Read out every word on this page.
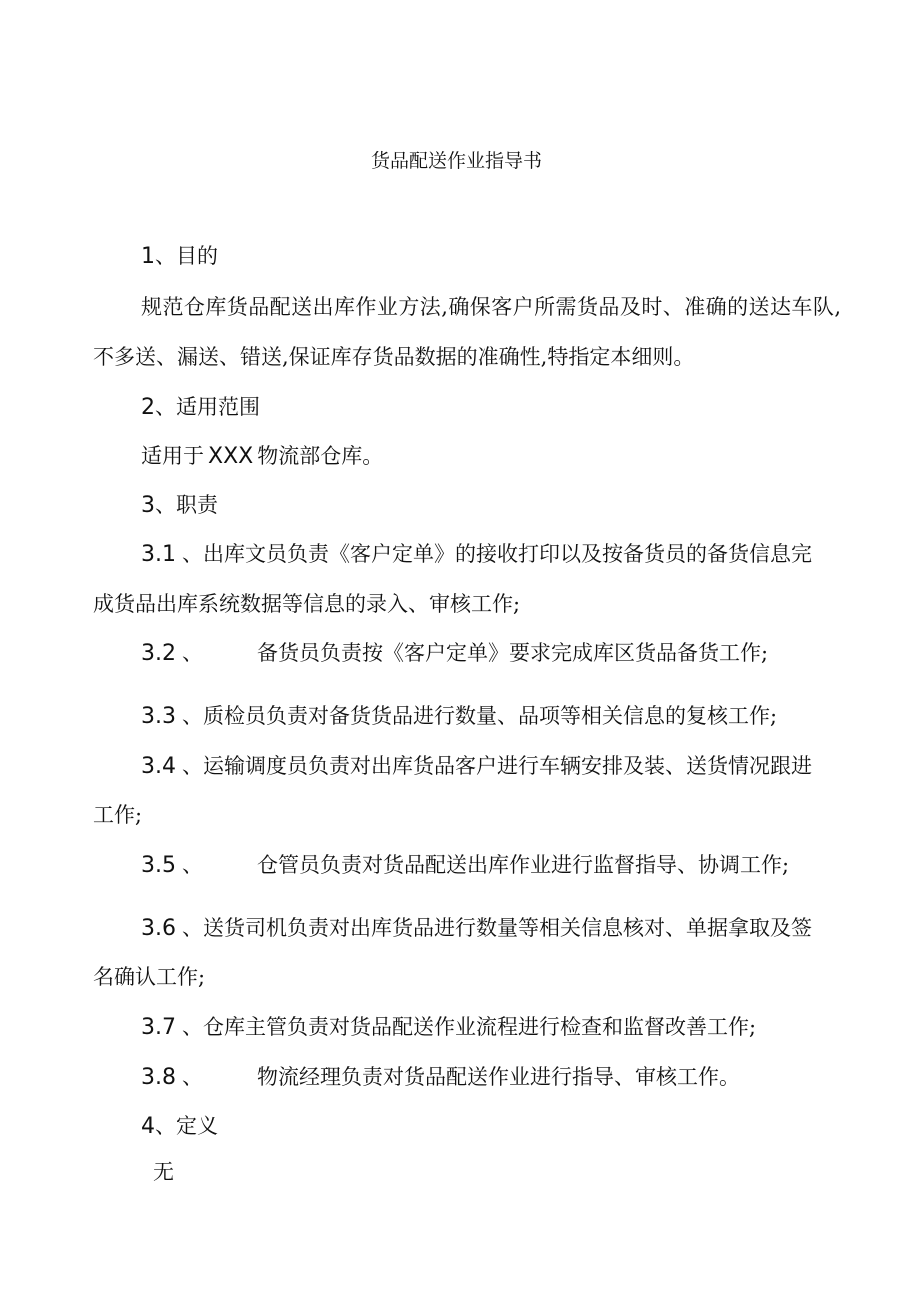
货品配送作业指导书
1、目的
规范仓库货品配送出库作业方法,确保客户所需货品及时、准确的送达车队,
不多送、漏送、错送,保证库存货品数据的准确性,特指定本细则。
2、适用范围
适用于 XXX 物流部仓库。
3、职责
3.1 、出库文员负责《客户定单》的接收打印以及按备货员的备货信息完
成货品出库系统数据等信息的录入、审核工作;
3.2 、	备货员负责按《客户定单》要求完成库区货品备货工作;
3.3 、质检员负责对备货货品进行数量、品项等相关信息的复核工作;
3.4 、运输调度员负责对出库货品客户进行车辆安排及装、送货情况跟进
工作;
3.5 、	仓管员负责对货品配送出库作业进行监督指导、协调工作;
3.6 、送货司机负责对出库货品进行数量等相关信息核对、单据拿取及签
名确认工作;
3.7 、仓库主管负责对货品配送作业流程进行检查和监督改善工作;
3.8 、	物流经理负责对货品配送作业进行指导、审核工作。
4、定义
无
